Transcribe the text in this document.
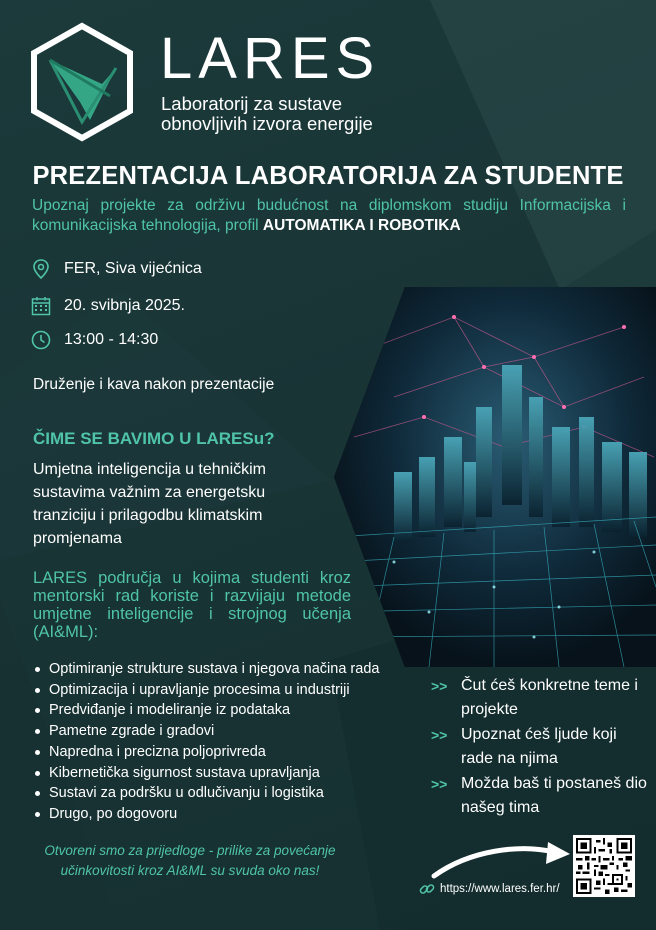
LARES
Laboratorij za sustave
obnovljivih izvora energije
PREZENTACIJA LABORATORIJA ZA STUDENTE
Upoznaj projekte za održivu budućnost na diplomskom studiju Informacijska i komunikacijska tehnologija, profil AUTOMATIKA I ROBOTIKA
FER, Siva vijećnica
20. svibnja 2025.
13:00 - 14:30
Druženje i kava nakon prezentacije
ČIME SE BAVIMO U LARESu?
Umjetna inteligencija u tehničkim sustavima važnim za energetsku tranziciju i prilagodbu klimatskim promjenama
LARES područja u kojima studenti kroz mentorski rad koriste i razvijaju metode umjetne inteligencije i strojnog učenja (AI&ML):
Optimiranje strukture sustava i njegova načina rada
Optimizacija i upravljanje procesima u industriji
Predviđanje i modeliranje iz podataka
Pametne zgrade i gradovi
Napredna i precizna poljoprivreda
Kibernetička sigurnost sustava upravljanja
Sustavi za podršku u odlučivanju i logistika
Drugo, po dogovoru
>> Čut ćeš konkretne teme i projekte
>> Upoznat ćeš ljude koji rade na njima
>> Možda baš ti postaneš dio našeg tima
Otvoreni smo za prijedloge - prilike za povećanje učinkovitosti kroz AI&ML su svuda oko nas!
https://www.lares.fer.hr/
